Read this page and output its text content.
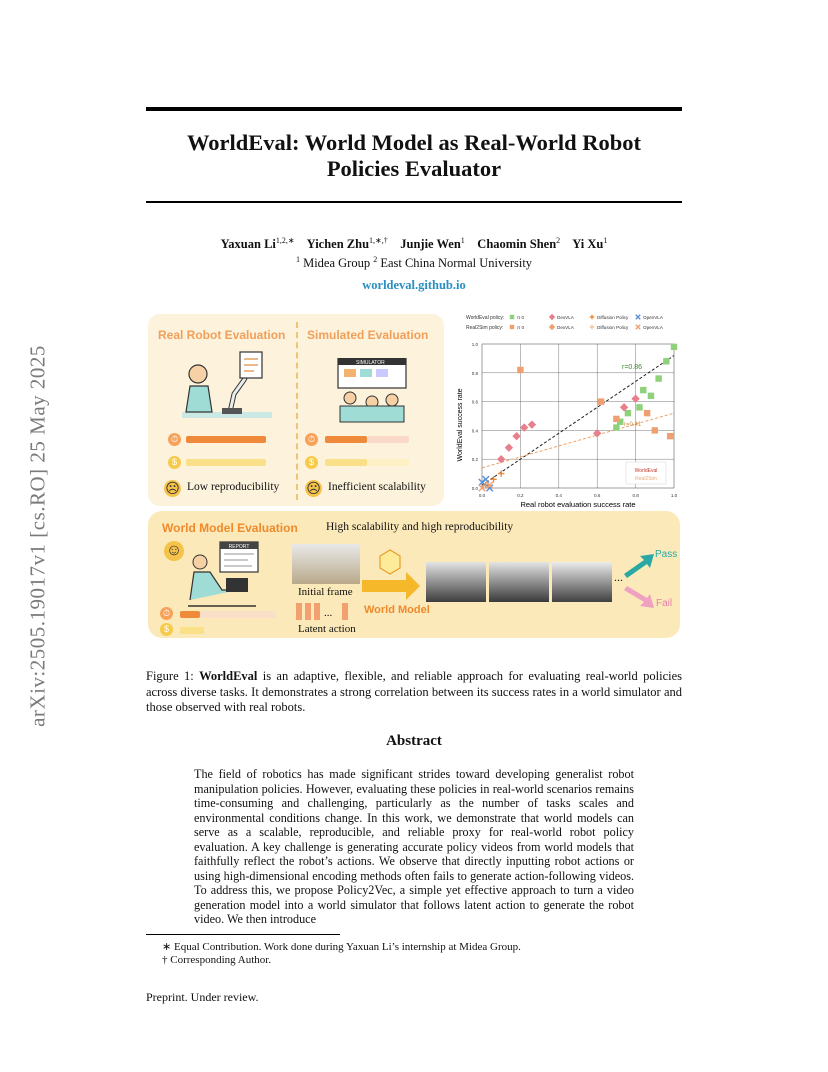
arXiv:2505.19017v1 [cs.RO] 25 May 2025
WorldEval: World Model as Real-World Robot
Policies Evaluator
Yaxuan $Li^{1,2,∗}$ Yichen Zhu$^{1,∗,\dagger}$ Junjie Wen$^1$ Chaomin Shen$^2$ Yi Xu$^1$
$^1$ Midea Group $^2$ East China Normal University
worldeval.github.io
Real Robot Evaluation Simulated Evaluation
SIMULATOR
⏱
$
⏱
$
☹ Low reproducibility ☹ Inefficient scalability
WorldEval policy:
Real2Sim policy:
π 0	DexVLA	Diffusion Policy	OpenVLA
π 0	DexVLA	Diffusion Policy	OpenVLA
0.0	0.2	0.4	0.6	0.8	1.0
0.0
0.2
0.4
0.6
0.8
1.0
Real robot evaluation success rate
WorldEval success rate
r=0.86
r=0.41
WorldEval
Real2Sim
World Model Evaluation High scalability and high reproducibility
☺	REPORT
⏱
$
Initial frame
...
Latent action
World Model
...
Pass
Fail
Figure 1: WorldEval is an adaptive, flexible, and reliable approach for evaluating real-world policies across diverse tasks. It demonstrates a strong correlation between its success rates in a world simulator and those observed with real robots.
Abstract
The field of robotics has made significant strides toward developing generalist robot manipulation policies. However, evaluating these policies in real-world scenarios remains time-consuming and challenging, particularly as the number of tasks scales and environmental conditions change. In this work, we demonstrate that world models can serve as a scalable, reproducible, and reliable proxy for real-world robot policy evaluation. A key challenge is generating accurate policy videos from world models that faithfully reflect the robot’s actions. We observe that directly inputting robot actions or using high-dimensional encoding methods often fails to generate action-following videos. To address this, we propose Policy2Vec, a simple yet effective approach to turn a video generation model into a world simulator that follows latent action to generate the robot video. We then introduce
∗ Equal Contribution. Work done during Yaxuan Li’s internship at Midea Group.
† Corresponding Author.
Preprint. Under review.
